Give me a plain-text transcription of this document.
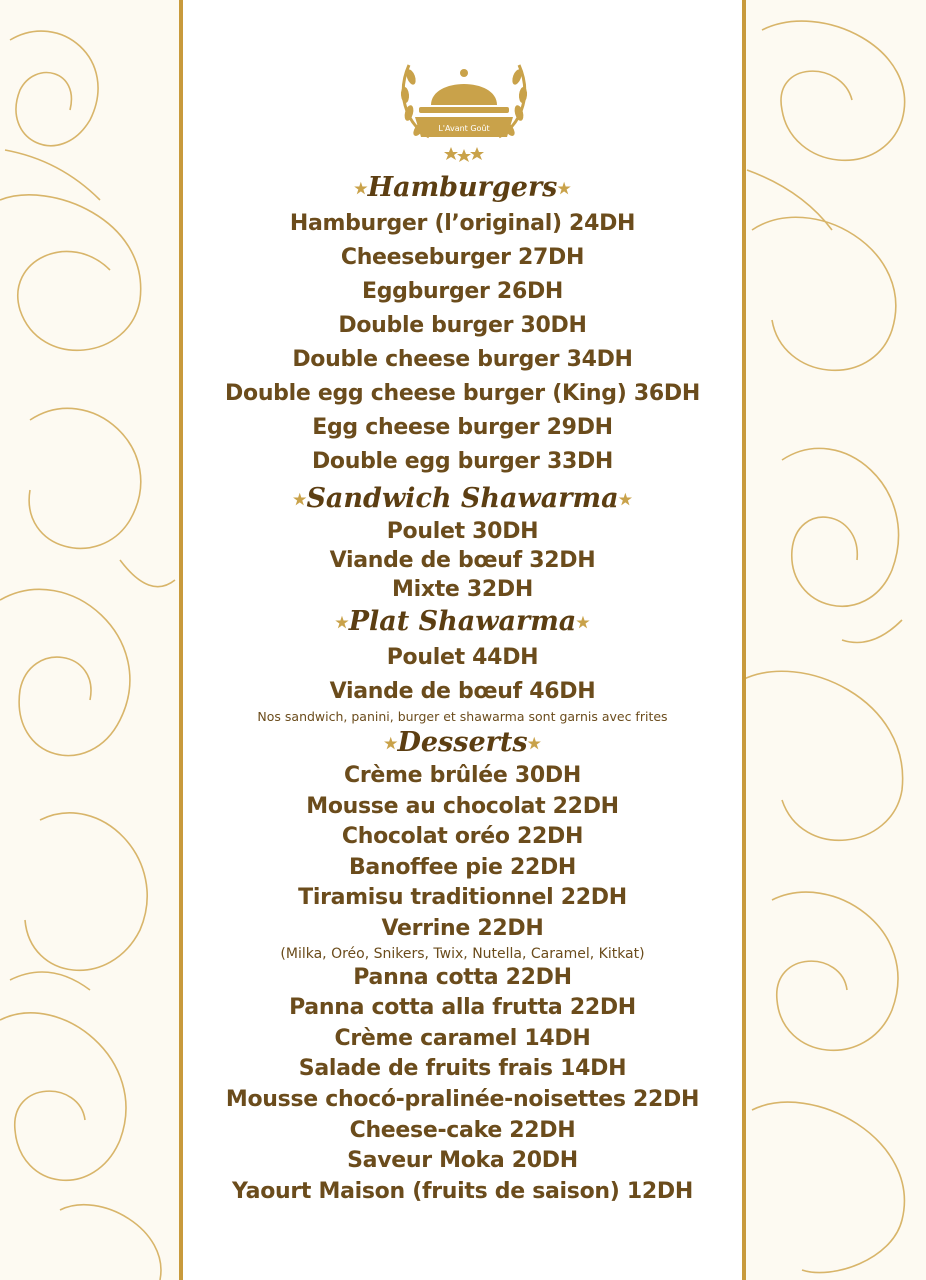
L'Avant Goût

★Hamburgers★

Hamburger (l’original) 24DH

Cheeseburger 27DH

Eggburger 26DH

Double burger 30DH

Double cheese burger 34DH

Double egg cheese burger (King) 36DH

Egg cheese burger 29DH

Double egg burger 33DH

★Sandwich Shawarma★

Poulet 30DH

Viande de bœuf 32DH

Mixte 32DH

★Plat Shawarma★

Poulet 44DH

Viande de bœuf 46DH

Nos sandwich, panini, burger et shawarma sont garnis avec frites

★Desserts★

Crème brûlée 30DH

Mousse au chocolat 22DH

Chocolat oréo 22DH

Banoffee pie 22DH

Tiramisu traditionnel 22DH

Verrine 22DH

(Milka, Oréo, Snikers, Twix, Nutella, Caramel, Kitkat)

Panna cotta 22DH

Panna cotta alla frutta 22DH

Crème caramel 14DH

Salade de fruits frais 14DH

Mousse chocó-pralinée-noisettes 22DH

Cheese-cake 22DH

Saveur Moka 20DH

Yaourt Maison (fruits de saison) 12DH
